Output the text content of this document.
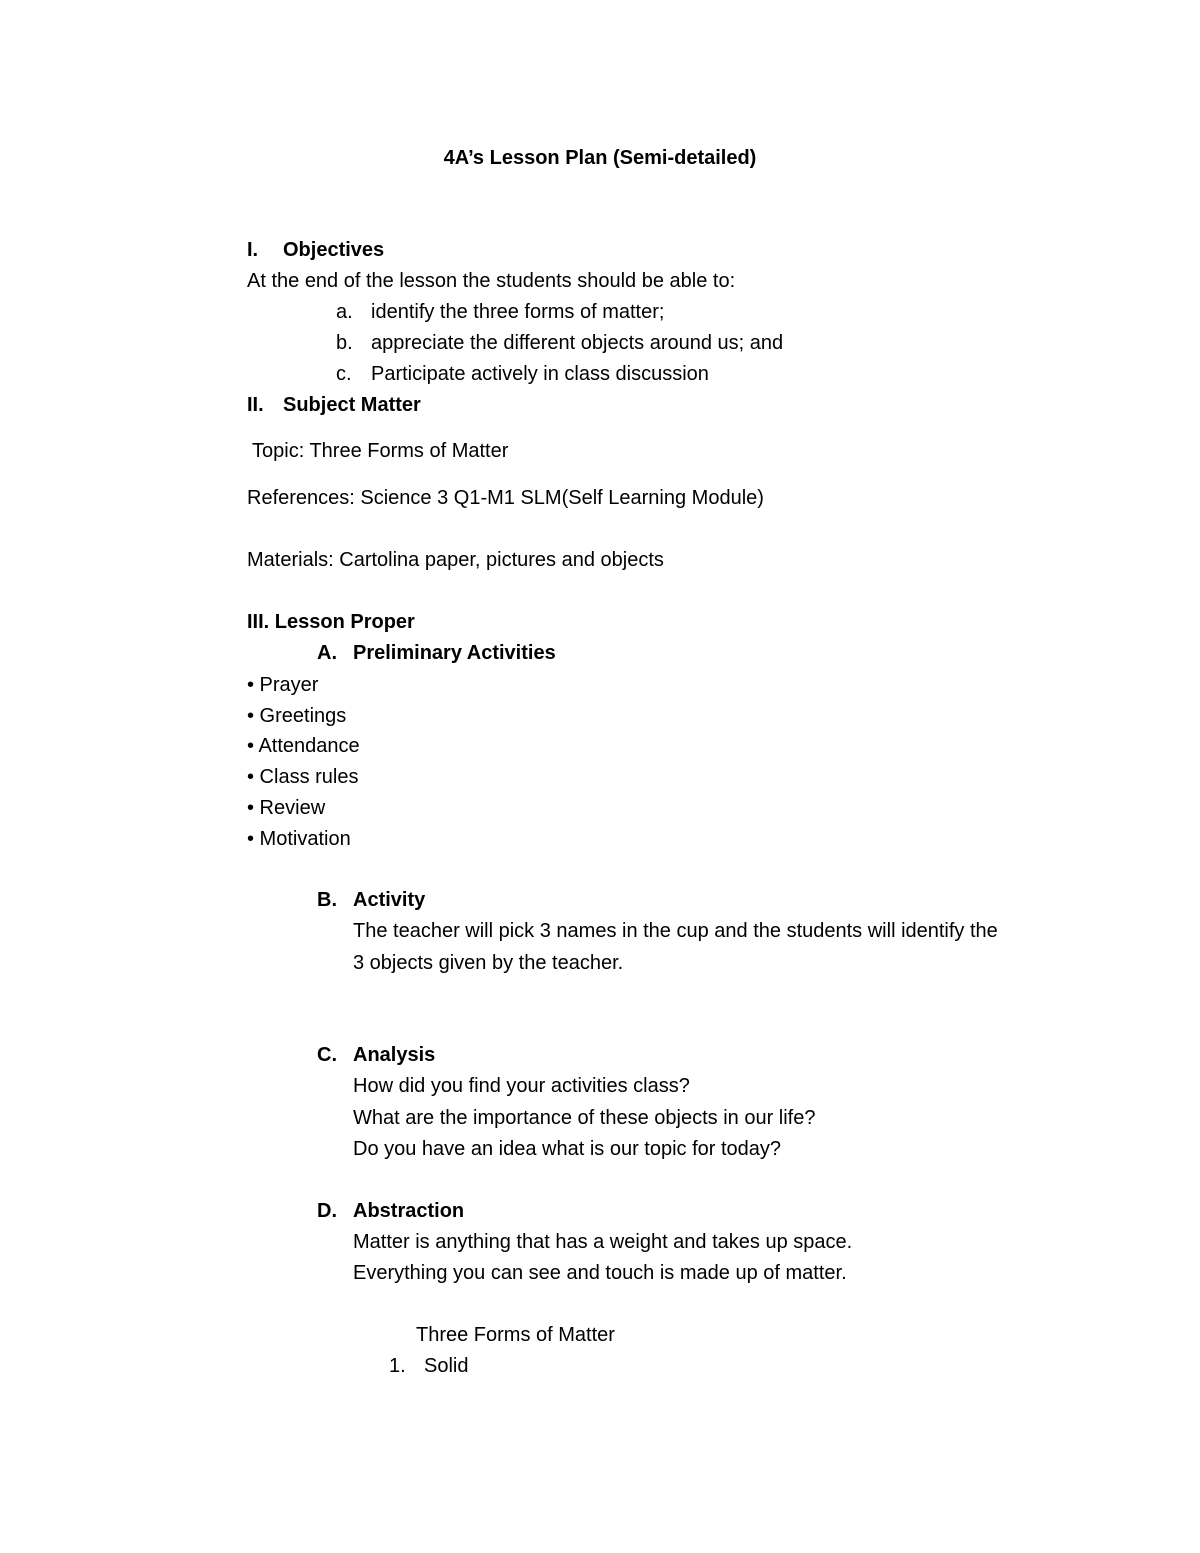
4A’s Lesson Plan (Semi-detailed)
I. Objectives
At the end of the lesson the students should be able to:
a. identify the three forms of matter;
b. appreciate the different objects around us; and
c. Participate actively in class discussion
II. Subject Matter
Topic: Three Forms of Matter
References: Science 3 Q1-M1 SLM(Self Learning Module)
Materials: Cartolina paper, pictures and objects
III. Lesson Proper
A. Preliminary Activities
• Prayer
• Greetings
• Attendance
• Class rules
• Review
• Motivation
B. Activity
The teacher will pick 3 names in the cup and the students will identify the
3 objects given by the teacher.
C. Analysis
How did you find your activities class?
What are the importance of these objects in our life?
Do you have an idea what is our topic for today?
D. Abstraction
Matter is anything that has a weight and takes up space.
Everything you can see and touch is made up of matter.
Three Forms of Matter
1. Solid
